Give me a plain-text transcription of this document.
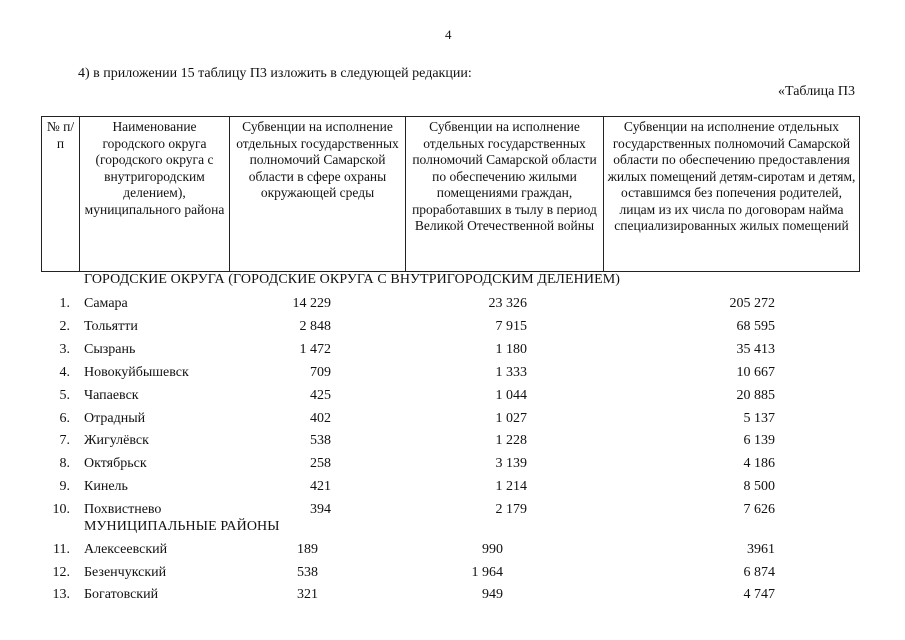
4
4) в приложении 15 таблицу П3 изложить в следующей редакции:
«Таблица П3
№ п/п	Наименование городского округа (городского округа с внутригородским делением), муниципального района	Субвенции на исполнение отдельных государственных полномочий Самарской области в сфере охраны окружающей среды	Субвенции на исполнение отдельных государственных полномочий Самарской области по обеспечению жилыми помещениями граждан, проработавших в тылу в период Великой Отечественной войны	Субвенции на исполнение отдельных государственных полномочий Самарской области по обеспечению предоставления жилых помещений детям-сиротам и детям, оставшимся без попечения родителей, лицам из их числа по договорам найма специализированных жилых помещений
ГОРОДСКИЕ ОКРУГА (ГОРОДСКИЕ ОКРУГА С ВНУТРИГОРОДСКИМ ДЕЛЕНИЕМ)
1. Самара	14 229	23 326	205 272
2. Тольятти	2 848	7 915	68 595
3. Сызрань	1 472	1 180	35 413
4. Новокуйбышевск	709	1 333	10 667
5. Чапаевск	425	1 044	20 885
6. Отрадный	402	1 027	5 137
7. Жигулёвск	538	1 228	6 139
8. Октябрьск	258	3 139	4 186
9. Кинель	421	1 214	8 500
10. Похвистнево	394	2 179	7 626
МУНИЦИПАЛЬНЫЕ РАЙОНЫ
11. Алексеевский	189	990	3961
12. Безенчукский	538	1 964	6 874
13. Богатовский	321	949	4 747
